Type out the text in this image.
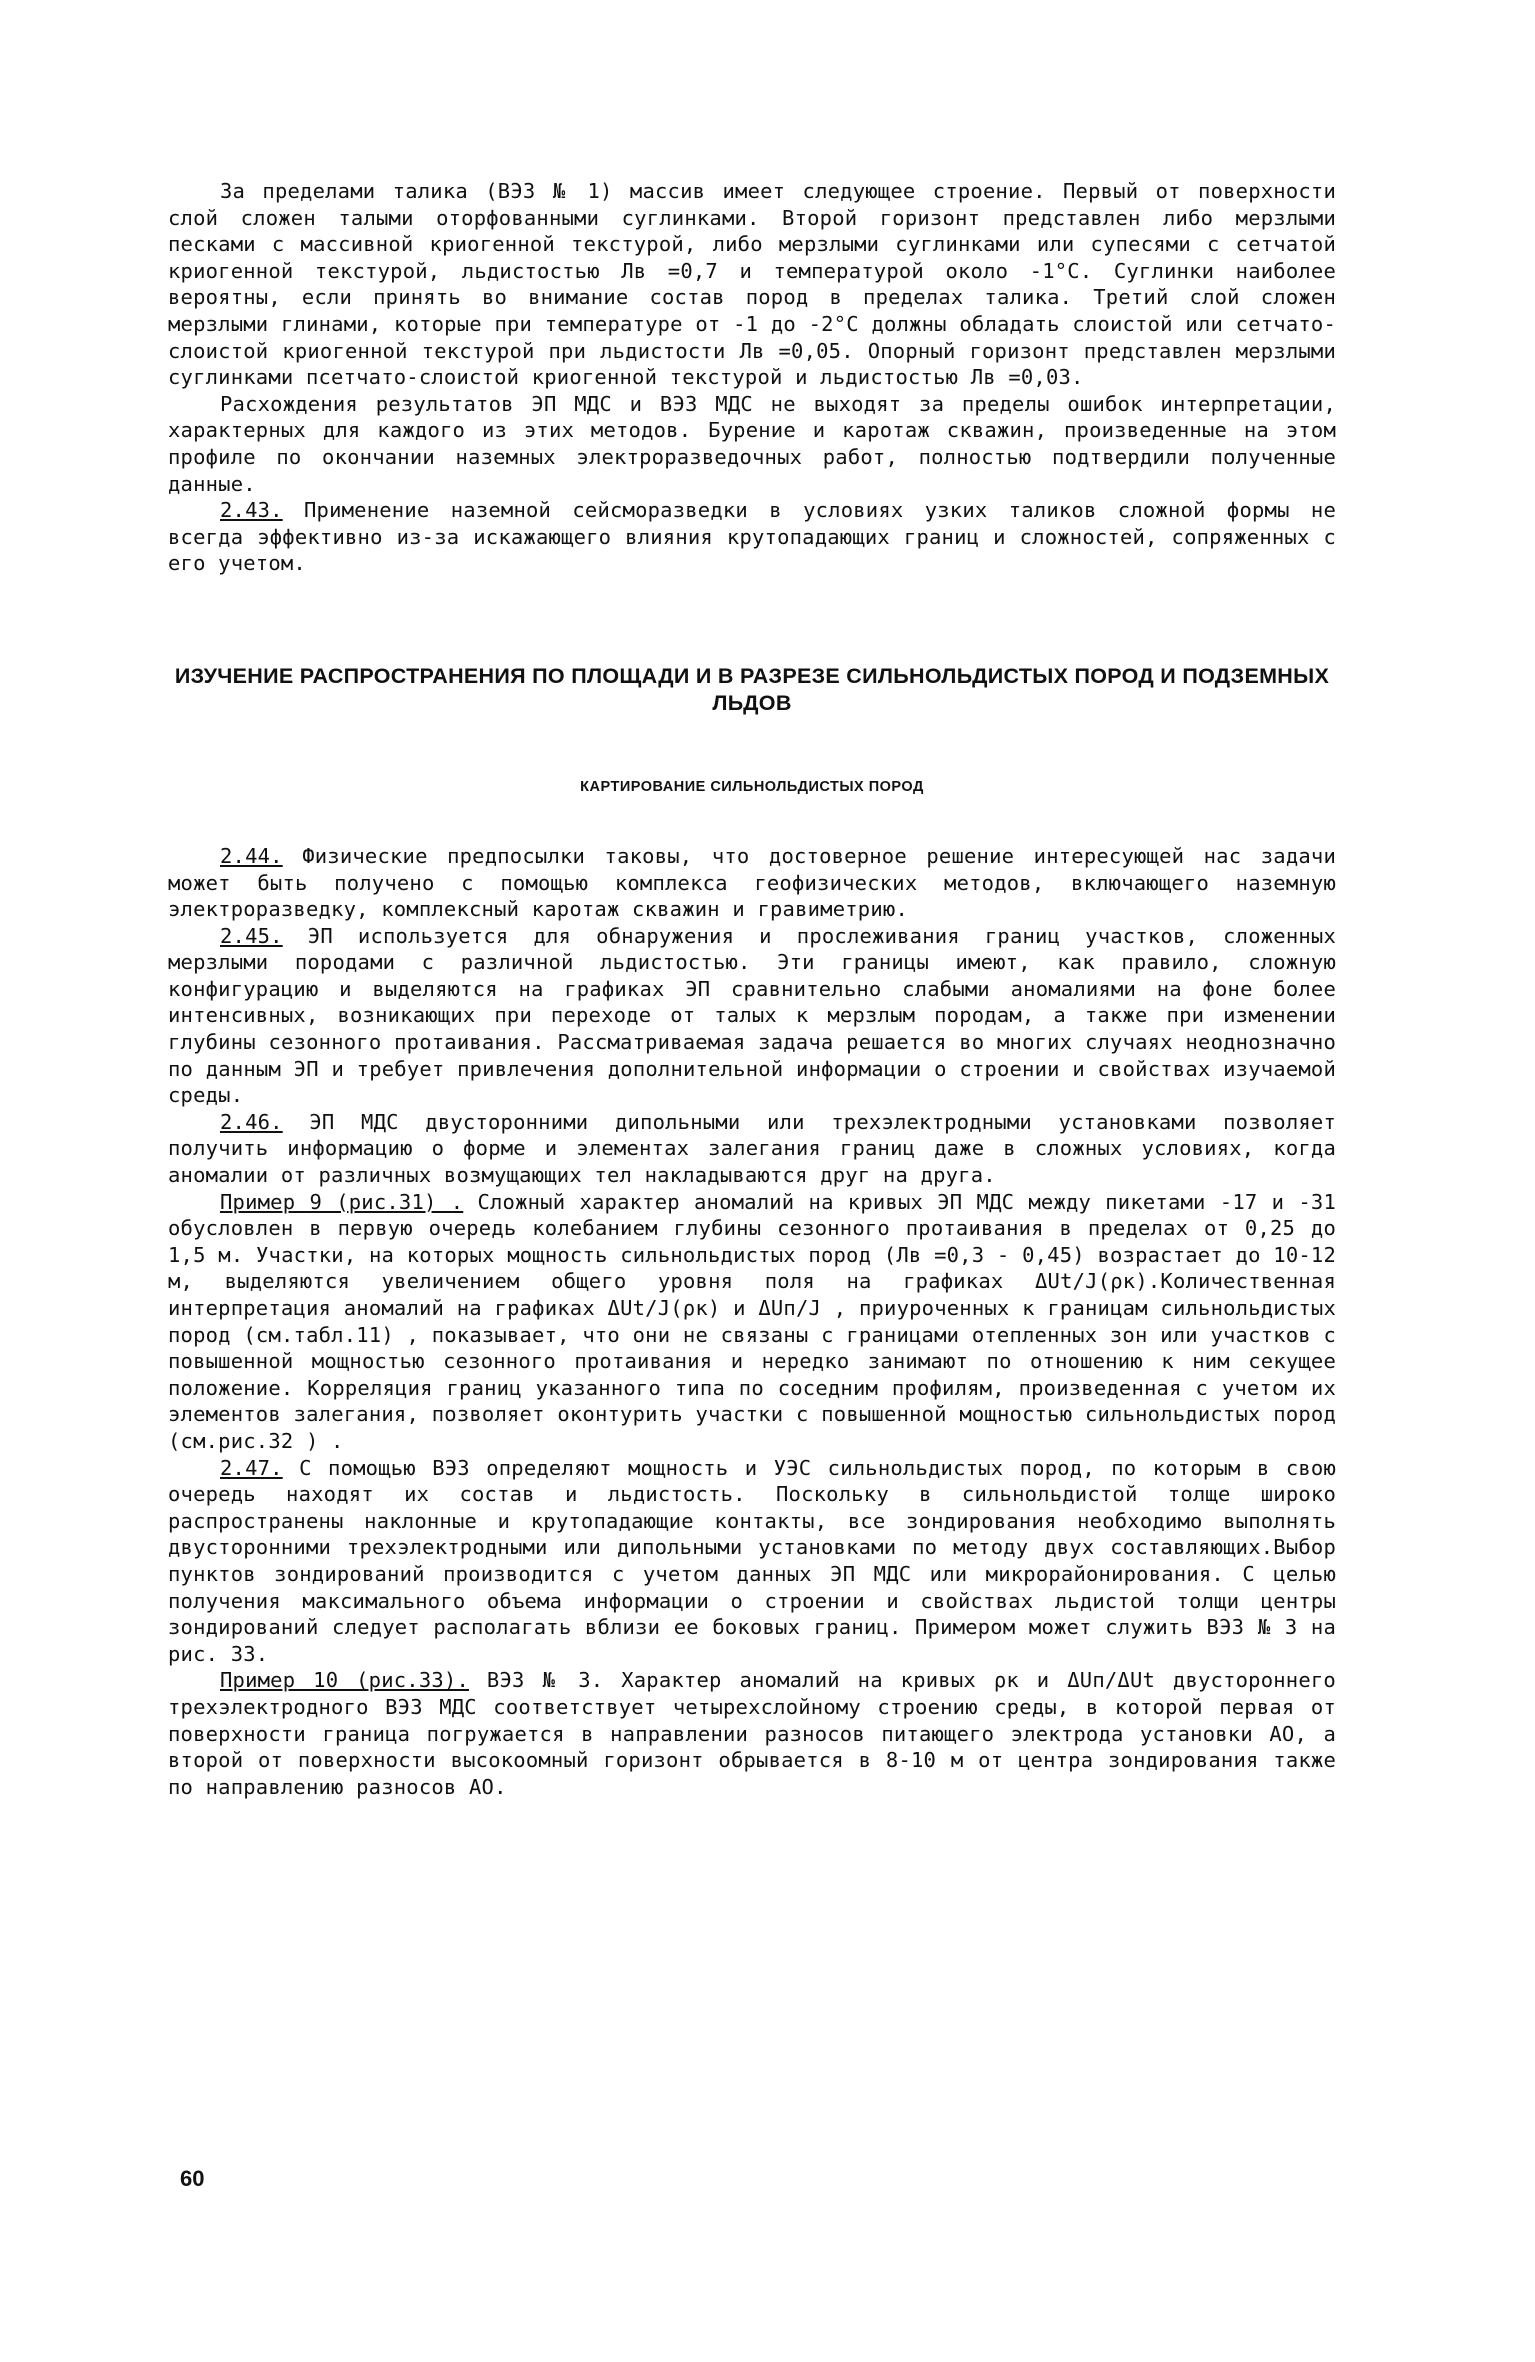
За пределами талика (ВЭЗ № 1) массив имеет следующее строение. Первый от поверхности слой сложен талыми оторфованными суглинками. Второй горизонт представлен либо мерзлыми песками с массивной криогенной текстурой, либо мерзлыми суглинками или супесями с сетчатой криогенной текстурой, льдистостью Лв =0,7 и температурой около -1°С. Суглинки наиболее вероятны, если принять во внимание состав пород в пределах талика. Третий слой сложен мерзлыми глинами, которые при температуре от -1 до -2°С должны обладать слоистой или сетчато-слоистой криогенной текстурой при льдистости Лв =0,05. Опорный горизонт представлен мерзлыми суглинками псетчато-слоистой криогенной текстурой и льдистостью Лв =0,03.

Расхождения результатов ЭП МДС и ВЭЗ МДС не выходят за пределы ошибок интерпретации, характерных для каждого из этих методов. Бурение и каротаж скважин, произведенные на этом профиле по окончании наземных электроразведочных работ, полностью подтвердили полученные данные.

2.43. Применение наземной сейсморазведки в условиях узких таликов сложной формы не всегда эффективно из-за искажающего влияния крутопадающих границ и сложностей, сопряженных с его учетом.

ИЗУЧЕНИЕ РАСПРОСТРАНЕНИЯ ПО ПЛОЩАДИ И В РАЗРЕЗЕ СИЛЬНОЛЬДИСТЫХ ПОРОД И ПОДЗЕМНЫХ ЛЬДОВ

КАРТИРОВАНИЕ СИЛЬНОЛЬДИСТЫХ ПОРОД

2.44. Физические предпосылки таковы, что достоверное решение интересующей нас задачи может быть получено с помощью комплекса геофизических методов, включающего наземную электроразведку, комплексный каротаж скважин и гравиметрию.

2.45. ЭП используется для обнаружения и прослеживания границ участков, сложенных мерзлыми породами с различной льдистостью. Эти границы имеют, как правило, сложную конфигурацию и выделяются на графиках ЭП сравнительно слабыми аномалиями на фоне более интенсивных, возникающих при переходе от талых к мерзлым породам, а также при изменении глубины сезонного протаивания. Рассматриваемая задача решается во многих случаях неоднозначно по данным ЭП и требует привлечения дополнительной информации о строении и свойствах изучаемой среды.

2.46. ЭП МДС двусторонними дипольными или трехэлектродными установками позволяет получить информацию о форме и элементах залегания границ даже в сложных условиях, когда аномалии от различных возмущающих тел накладываются друг на друга.

Пример 9 (рис.31) . Сложный характер аномалий на кривых ЭП МДС между пикетами -17 и -31 обусловлен в первую очередь колебанием глубины сезонного протаивания в пределах от 0,25 до 1,5 м. Участки, на которых мощность сильнольдистых пород (Лв =0,3 - 0,45) возрастает до 10-12 м, выделяются увеличением общего уровня поля на графиках ΔUt/J(ρк).Количественная интерпретация аномалий на графиках ΔUt/J(ρк) и ΔUп/J , приуроченных к границам сильнольдистых пород (см.табл.11) , показывает, что они не связаны с границами отепленных зон или участков с повышенной мощностью сезонного протаивания и нередко занимают по отношению к ним секущее положение. Корреляция границ указанного типа по соседним профилям, произведенная с учетом их элементов залегания, позволяет оконтурить участки с повышенной мощностью сильнольдистых пород (см.рис.32 ) .

2.47. С помощью ВЭЗ определяют мощность и УЭС сильнольдистых пород, по которым в свою очередь находят их состав и льдистость. Поскольку в сильнольдистой толще широко распространены наклонные и крутопадающие контакты, все зондирования необходимо выполнять двусторонними трехэлектродными или дипольными установками по методу двух составляющих.Выбор пунктов зондирований производится с учетом данных ЭП МДС или микрорайонирования. С целью получения максимального объема информации о строении и свойствах льдистой толщи центры зондирований следует располагать вблизи ее боковых границ. Примером может служить ВЭЗ № 3 на рис. 33.

Пример 10 (рис.33). ВЭЗ № 3. Характер аномалий на кривых ρк и ΔUп/ΔUt двустороннего трехэлектродного ВЭЗ МДС соответствует четырехслойному строению среды, в которой первая от поверхности граница погружается в направлении разносов питающего электрода установки АО, а второй от поверхности высокоомный горизонт обрывается в 8-10 м от центра зондирования также по направлению разносов АО.

60
